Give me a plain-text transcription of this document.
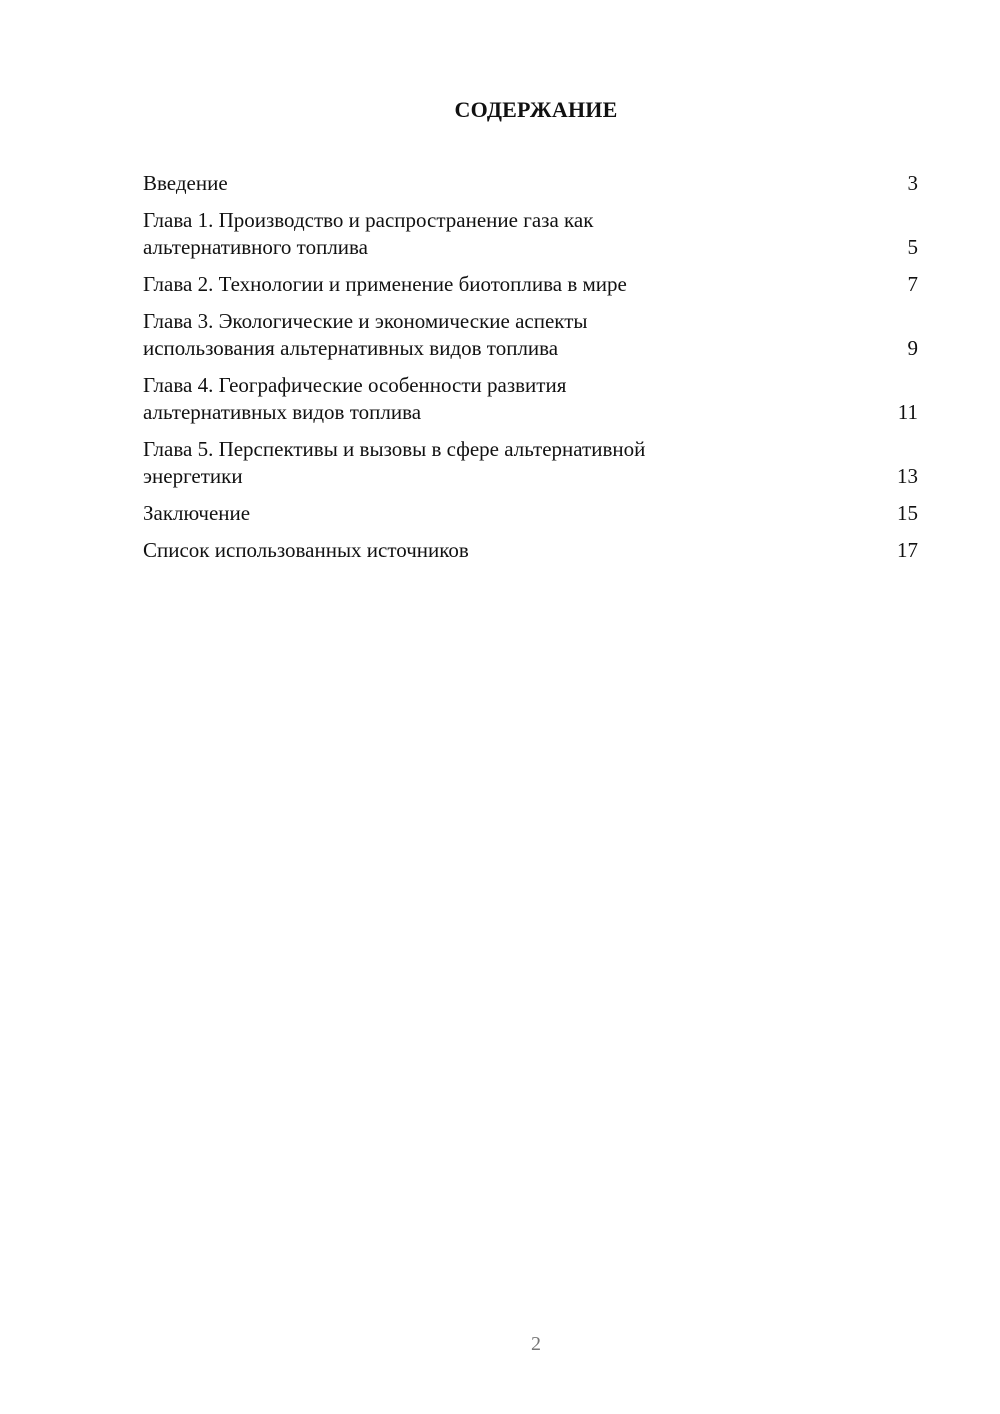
СОДЕРЖАНИЕ
Введение	3
Глава 1. Производство и распространение газа как
альтернативного топлива	5
Глава 2. Технологии и применение биотоплива в мире	7
Глава 3. Экологические и экономические аспекты
использования альтернативных видов топлива	9
Глава 4. Географические особенности развития
альтернативных видов топлива	11
Глава 5. Перспективы и вызовы в сфере альтернативной
энергетики	13
Заключение	15
Список использованных источников	17
2
